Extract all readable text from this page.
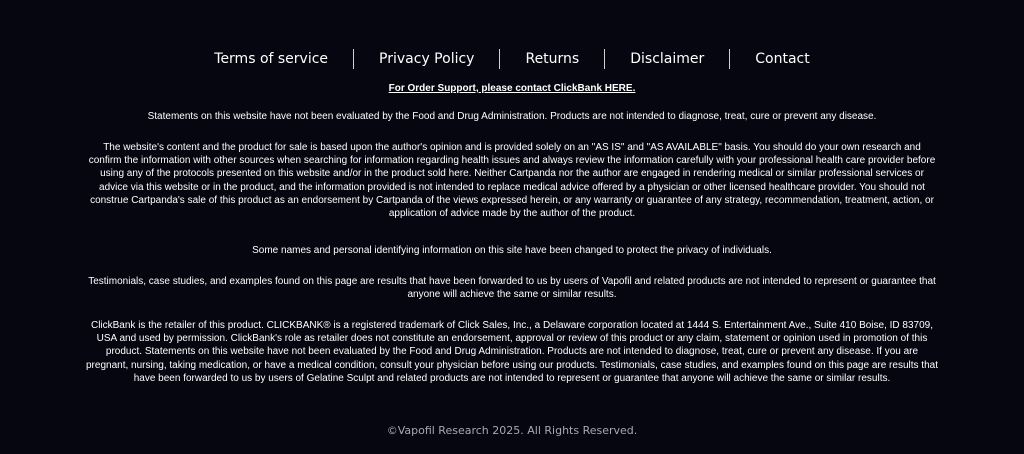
Terms of service	Privacy Policy	Returns	Disclaimer	Contact
For Order Support, please contact ClickBank HERE.

Statements on this website have not been evaluated by the Food and Drug Administration. Products are not intended to diagnose, treat, cure or prevent any disease.

The website's content and the product for sale is based upon the author's opinion and is provided solely on an "AS IS" and "AS AVAILABLE" basis. You should do your own research and confirm the information with other sources when searching for information regarding health issues and always review the information carefully with your professional health care provider before using any of the protocols presented on this website and/or in the product sold here. Neither Cartpanda nor the author are engaged in rendering medical or similar professional services or advice via this website or in the product, and the information provided is not intended to replace medical advice offered by a physician or other licensed healthcare provider. You should not construe Cartpanda's sale of this product as an endorsement by Cartpanda of the views expressed herein, or any warranty or guarantee of any strategy, recommendation, treatment, action, or application of advice made by the author of the product.

Some names and personal identifying information on this site have been changed to protect the privacy of individuals.

Testimonials, case studies, and examples found on this page are results that have been forwarded to us by users of Vapofil and related products are not intended to represent or guarantee that anyone will achieve the same or similar results.

ClickBank is the retailer of this product. CLICKBANK® is a registered trademark of Click Sales, Inc., a Delaware corporation located at 1444 S. Entertainment Ave., Suite 410 Boise, ID 83709, USA and used by permission. ClickBank's role as retailer does not constitute an endorsement, approval or review of this product or any claim, statement or opinion used in promotion of this product. Statements on this website have not been evaluated by the Food and Drug Administration. Products are not intended to diagnose, treat, cure or prevent any disease. If you are pregnant, nursing, taking medication, or have a medical condition, consult your physician before using our products. Testimonials, case studies, and examples found on this page are results that have been forwarded to us by users of Gelatine Sculpt and related products are not intended to represent or guarantee that anyone will achieve the same or similar results.

©Vapofil Research 2025. All Rights Reserved.
